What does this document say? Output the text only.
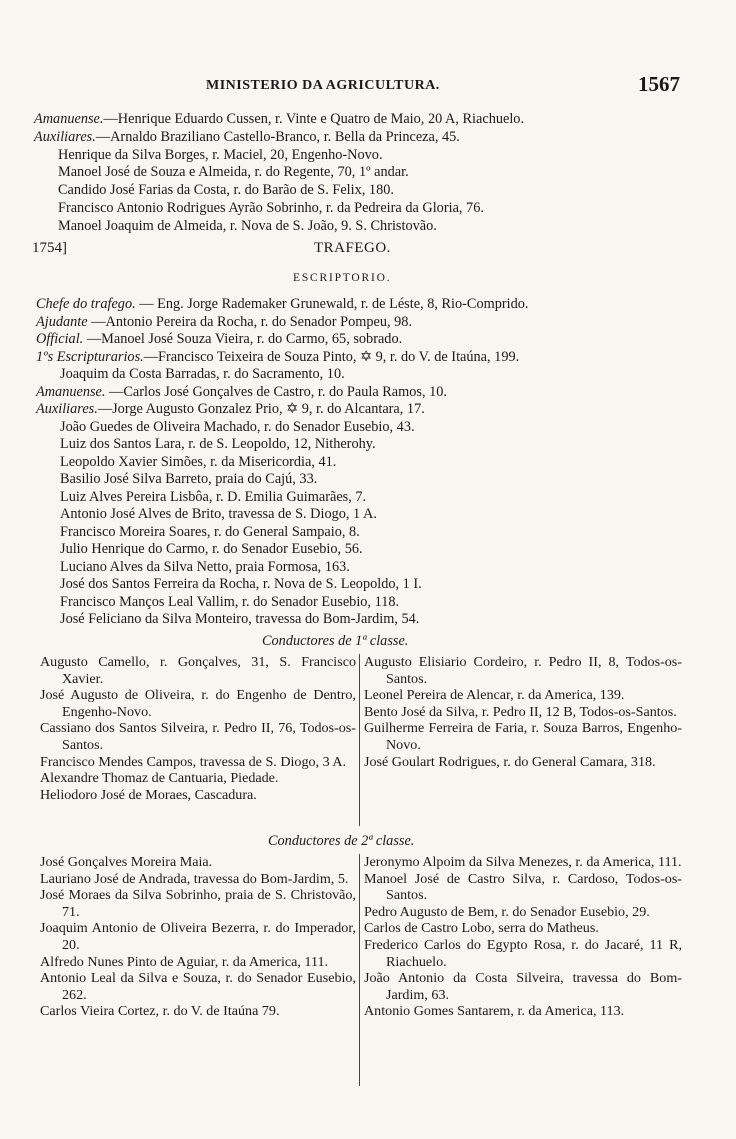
MINISTERIO DA AGRICULTURA.	1567
Amanuense.—Henrique Eduardo Cussen, r. Vinte e Quatro de Maio, 20 A, Riachuelo.
Auxiliares.—Arnaldo Braziliano Castello-Branco, r. Bella da Princeza, 45.
Henrique da Silva Borges, r. Maciel, 20, Engenho-Novo.
Manoel José de Souza e Almeida, r. do Regente, 70, 1º andar.
Candido José Farias da Costa, r. do Barão de S. Felix, 180.
Francisco Antonio Rodrigues Ayrão Sobrinho, r. da Pedreira da Gloria, 76.
Manoel Joaquim de Almeida, r. Nova de S. João, 9. S. Christovão.
1754]	TRAFEGO.
ESCRIPTORIO.
Chefe do trafego. — Eng. Jorge Rademaker Grunewald, r. de Léste, 8, Rio-Comprido.
Ajudante —Antonio Pereira da Rocha, r. do Senador Pompeu, 98.
Official. —Manoel José Souza Vieira, r. do Carmo, 65, sobrado.
1ºs Escripturarios.—Francisco Teixeira de Souza Pinto, ✡ 9, r. do V. de Itaúna, 199.
Joaquim da Costa Barradas, r. do Sacramento, 10.
Amanuense. —Carlos José Gonçalves de Castro, r. do Paula Ramos, 10.
Auxiliares.—Jorge Augusto Gonzalez Prio, ✡ 9, r. do Alcantara, 17.
João Guedes de Oliveira Machado, r. do Senador Eusebio, 43.
Luiz dos Santos Lara, r. de S. Leopoldo, 12, Nitherohy.
Leopoldo Xavier Simões, r. da Misericordia, 41.
Basilio José Silva Barreto, praia do Cajú, 33.
Luiz Alves Pereira Lisbôa, r. D. Emilia Guimarães, 7.
Antonio José Alves de Brito, travessa de S. Diogo, 1 A.
Francisco Moreira Soares, r. do General Sampaio, 8.
Julio Henrique do Carmo, r. do Senador Eusebio, 56.
Luciano Alves da Silva Netto, praia Formosa, 163.
José dos Santos Ferreira da Rocha, r. Nova de S. Leopoldo, 1 I.
Francisco Manços Leal Vallim, r. do Senador Eusebio, 118.
José Feliciano da Silva Monteiro, travessa do Bom-Jardim, 54.
Conductores de 1ª classe.

Augusto Camello, r. Gonçalves, 31, S. Francisco Xavier.

José Augusto de Oliveira, r. do Engenho de Dentro, Engenho-Novo.

Cassiano dos Santos Silveira, r. Pedro II, 76, Todos-os-Santos.

Francisco Mendes Campos, travessa de S. Diogo, 3 A.

Alexandre Thomaz de Cantuaria, Piedade.

Heliodoro José de Moraes, Cascadura.

Augusto Elisiario Cordeiro, r. Pedro II, 8, Todos-os-Santos.

Leonel Pereira de Alencar, r. da America, 139.

Bento José da Silva, r. Pedro II, 12 B, Todos-os-Santos.

Guilherme Ferreira de Faria, r. Souza Barros, Engenho-Novo.

José Goulart Rodrigues, r. do General Camara, 318.

Conductores de 2ª classe.

José Gonçalves Moreira Maia.

Lauriano José de Andrada, travessa do Bom-Jardim, 5.

José Moraes da Silva Sobrinho, praia de S. Christovão, 71.

Joaquim Antonio de Oliveira Bezerra, r. do Imperador, 20.

Alfredo Nunes Pinto de Aguiar, r. da America, 111.

Antonio Leal da Silva e Souza, r. do Senador Eusebio, 262.

Carlos Vieira Cortez, r. do V. de Itaúna 79.

Jeronymo Alpoim da Silva Menezes, r. da America, 111.

Manoel José de Castro Silva, r. Cardoso, Todos-os-Santos.

Pedro Augusto de Bem, r. do Senador Eusebio, 29.

Carlos de Castro Lobo, serra do Matheus.

Frederico Carlos do Egypto Rosa, r. do Jacaré, 11 R, Riachuelo.

João Antonio da Costa Silveira, travessa do Bom-Jardim, 63.

Antonio Gomes Santarem, r. da America, 113.
